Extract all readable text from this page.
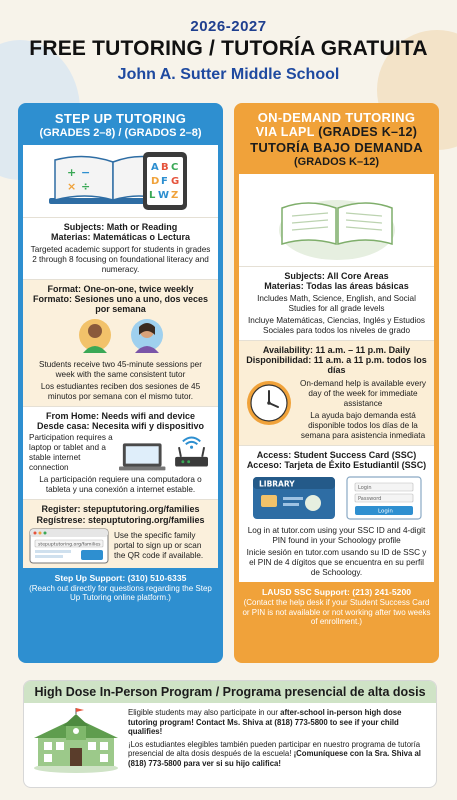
2026-2027
FREE TUTORING / TUTORÍA GRATUITA
John A. Sutter Middle School
STEP UP TUTORING
(GRADES 2–8) / (GRADOS 2–8)
+ −
× ÷
A B C
D F G
L W Z
Subjects: Math or Reading
Materias: Matemáticas o Lectura

Targeted academic support for students in grades 2 through 8 focusing on foundational literacy and numeracy.

Format: One-on-one, twice weekly
Formato: Sesiones uno a uno, dos veces por semana

Students receive two 45-minute sessions per week with the same consistent tutor

Los estudiantes reciben dos sesiones de 45 minutos por semana con el mismo tutor.

From Home: Needs wifi and device
Desde casa: Necesita wifi y dispositivo

Participation requires a laptop or tablet and a stable internet connection

La participación requiere una computadora o tableta y una conexión a internet estable.

Register: stepuptutoring.org/families
Regístrese: stepuptutoring.org/families
stepuptutoring.org/families

Use the specific family portal to sign up or scan the QR code if available.

Step Up Support: (310) 510-6335
(Reach out directly for questions regarding the Step Up Tutoring online platform.)
ON-DEMAND TUTORING
VIA LAPL (GRADES K–12)
TUTORÍA BAJO DEMANDA
(GRADOS K–12)
Subjects: All Core Areas
Materias: Todas las áreas básicas

Includes Math, Science, English, and Social Studies for all grade levels

Incluye Matemáticas, Ciencias, Inglés y Estudios Sociales para todos los niveles de grado

Availability: 11 a.m. – 11 p.m. Daily
Disponibilidad: 11 a.m. a 11 p.m. todos los días

On-demand help is available every day of the week for immediate assistance

La ayuda bajo demanda está disponible todos los días de la semana para asistencia inmediata

Access: Student Success Card (SSC)
Acceso: Tarjeta de Éxito Estudiantil (SSC)
LIBRARY	Login
Password
Login

Log in at tutor.com using your SSC ID and 4-digit PIN found in your Schoology profile

Inicie sesión en tutor.com usando su ID de SSC y el PIN de 4 dígitos que se encuentra en su perfil de Schoology.

LAUSD SSC Support: (213) 241-5200
(Contact the help desk if your Student Success Card or PIN is not available or not working after two weeks of enrollment.)
High Dose In-Person Program / Programa presencial de alta dosis

Eligible students may also participate in our after-school in-person high dose tutoring program! Contact Ms. Shiva at (818) 773-5800 to see if your child qualifies!

¡Los estudiantes elegibles también pueden participar en nuestro programa de tutoría presencial de alta dosis después de la escuela! ¡Comuníquese con la Sra. Shiva al (818) 773-5800 para ver si su hijo califica!
